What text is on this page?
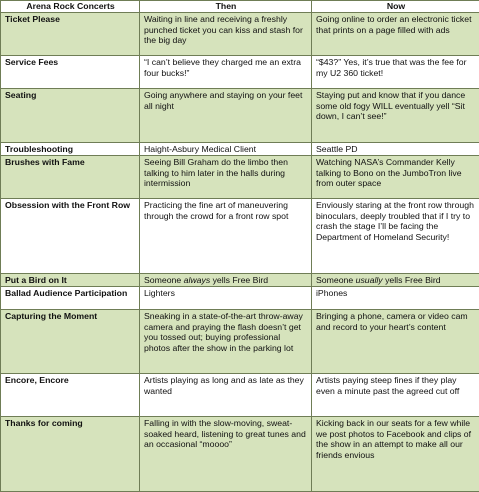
Arena Rock Concerts	Then	Now
Ticket Please	Waiting in line and receiving a freshly punched ticket you can kiss and stash for the big day	Going online to order an electronic ticket that prints on a page filled with ads
Service Fees	“I can’t believe they charged me an extra four bucks!”	“$43?” Yes, it’s true that was the fee for my U2 360 ticket!
Seating	Going anywhere and staying on your feet all night	Staying put and know that if you dance some old fogy WILL eventually yell “Sit down, I can’t see!”
Troubleshooting	Haight-Asbury Medical Client	Seattle PD
Brushes with Fame	Seeing Bill Graham do the limbo then talking to him later in the halls during intermission	Watching NASA’s Commander Kelly talking to Bono on the JumboTron live from outer space
Obsession with the Front Row	Practicing the fine art of maneuvering through the crowd for a front row spot	Enviously staring at the front row through binoculars, deeply troubled that if I try to crash the stage I’ll be facing the Department of Homeland Security!
Put a Bird on It	Someone always yells Free Bird	Someone usually yells Free Bird
Ballad Audience Participation	Lighters	iPhones
Capturing the Moment	Sneaking in a state-of-the-art throw-away camera and praying the flash doesn’t get you tossed out; buying professional photos after the show in the parking lot	Bringing a phone, camera or video cam and record to your heart’s content
Encore, Encore	Artists playing as long and as late as they wanted	Artists paying steep fines if they play even a minute past the agreed cut off
Thanks for coming	Falling in with the slow-moving, sweat-soaked heard, listening to great tunes and an occasional “moooo”	Kicking back in our seats for a few while we post photos to Facebook and clips of the show in an attempt to make all our friends envious
